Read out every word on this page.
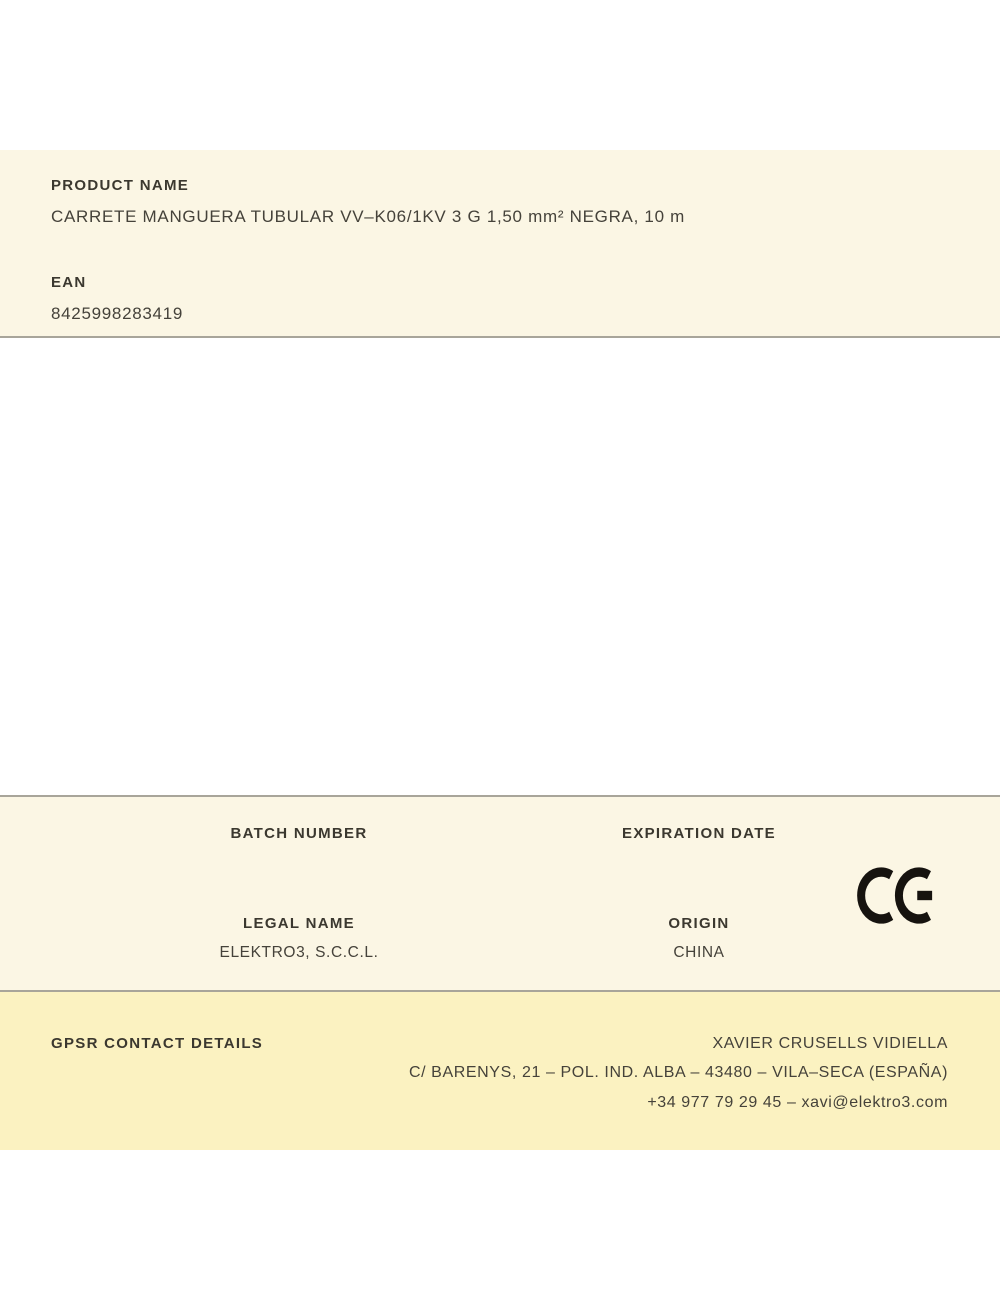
PRODUCT NAME
CARRETE MANGUERA TUBULAR VV–K06/1KV 3 G 1,50 mm² NEGRA, 10 m
EAN
8425998283419
BATCH NUMBER
LEGAL NAME
ELEKTRO3, S.C.C.L.
EXPIRATION DATE
ORIGIN
CHINA
GPSR CONTACT DETAILS	XAVIER CRUSELLS VIDIELLA
C/ BARENYS, 21 – POL. IND. ALBA – 43480 – VILA–SECA (ESPAÑA)
+34 977 79 29 45 – xavi@elektro3.com
